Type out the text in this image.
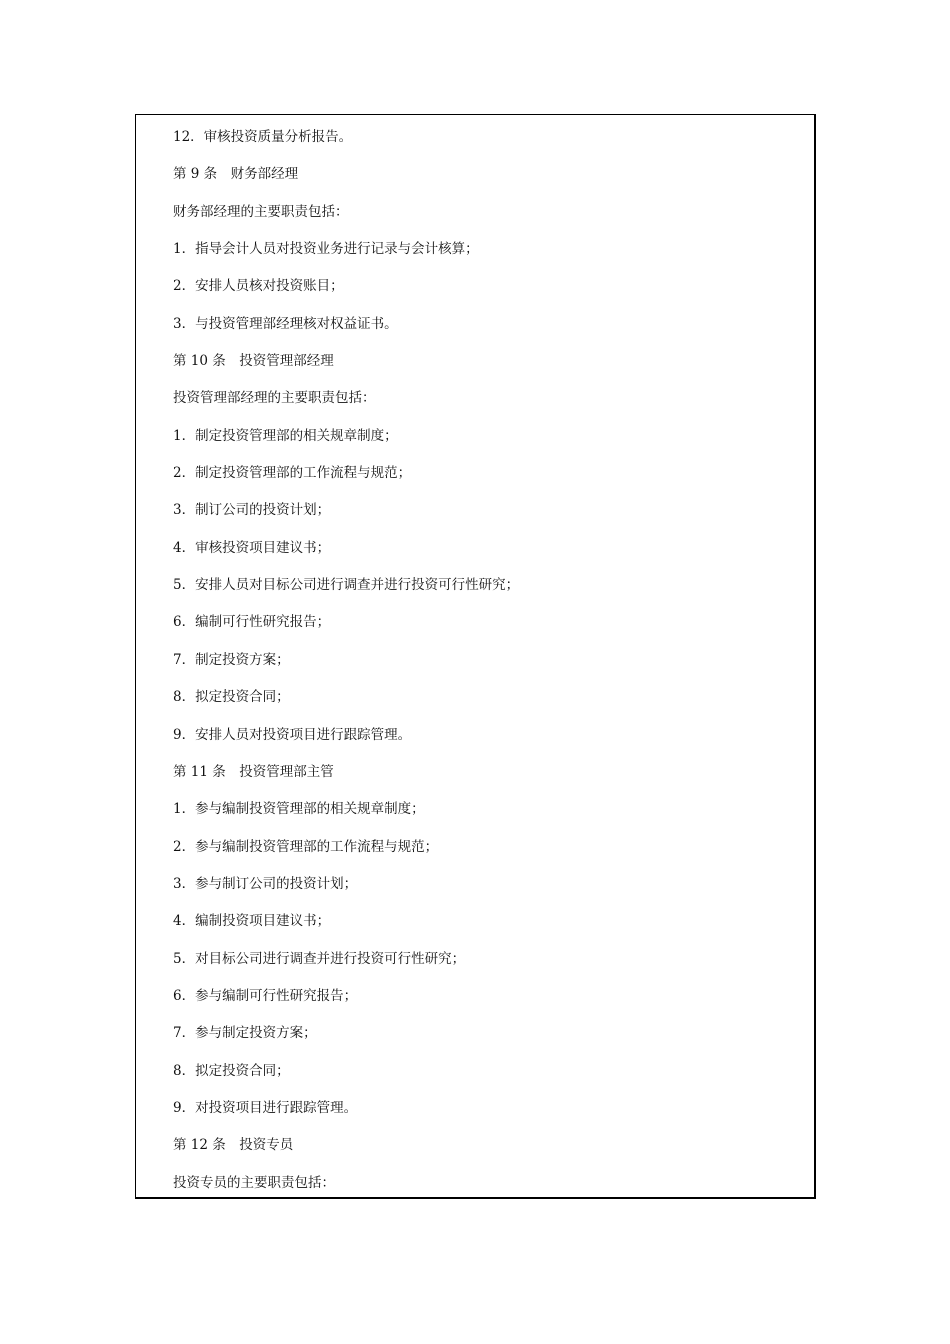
12．审核投资质量分析报告。
第 9 条　财务部经理
财务部经理的主要职责包括：
1．指导会计人员对投资业务进行记录与会计核算；
2．安排人员核对投资账目；
3．与投资管理部经理核对权益证书。
第 10 条　投资管理部经理
投资管理部经理的主要职责包括：
1．制定投资管理部的相关规章制度；
2．制定投资管理部的工作流程与规范；
3．制订公司的投资计划；
4．审核投资项目建议书；
5．安排人员对目标公司进行调查并进行投资可行性研究；
6．编制可行性研究报告；
7．制定投资方案；
8．拟定投资合同；
9．安排人员对投资项目进行跟踪管理。
第 11 条　投资管理部主管
1．参与编制投资管理部的相关规章制度；
2．参与编制投资管理部的工作流程与规范；
3．参与制订公司的投资计划；
4．编制投资项目建议书；
5．对目标公司进行调查并进行投资可行性研究；
6．参与编制可行性研究报告；
7．参与制定投资方案；
8．拟定投资合同；
9．对投资项目进行跟踪管理。
第 12 条　投资专员
投资专员的主要职责包括：
